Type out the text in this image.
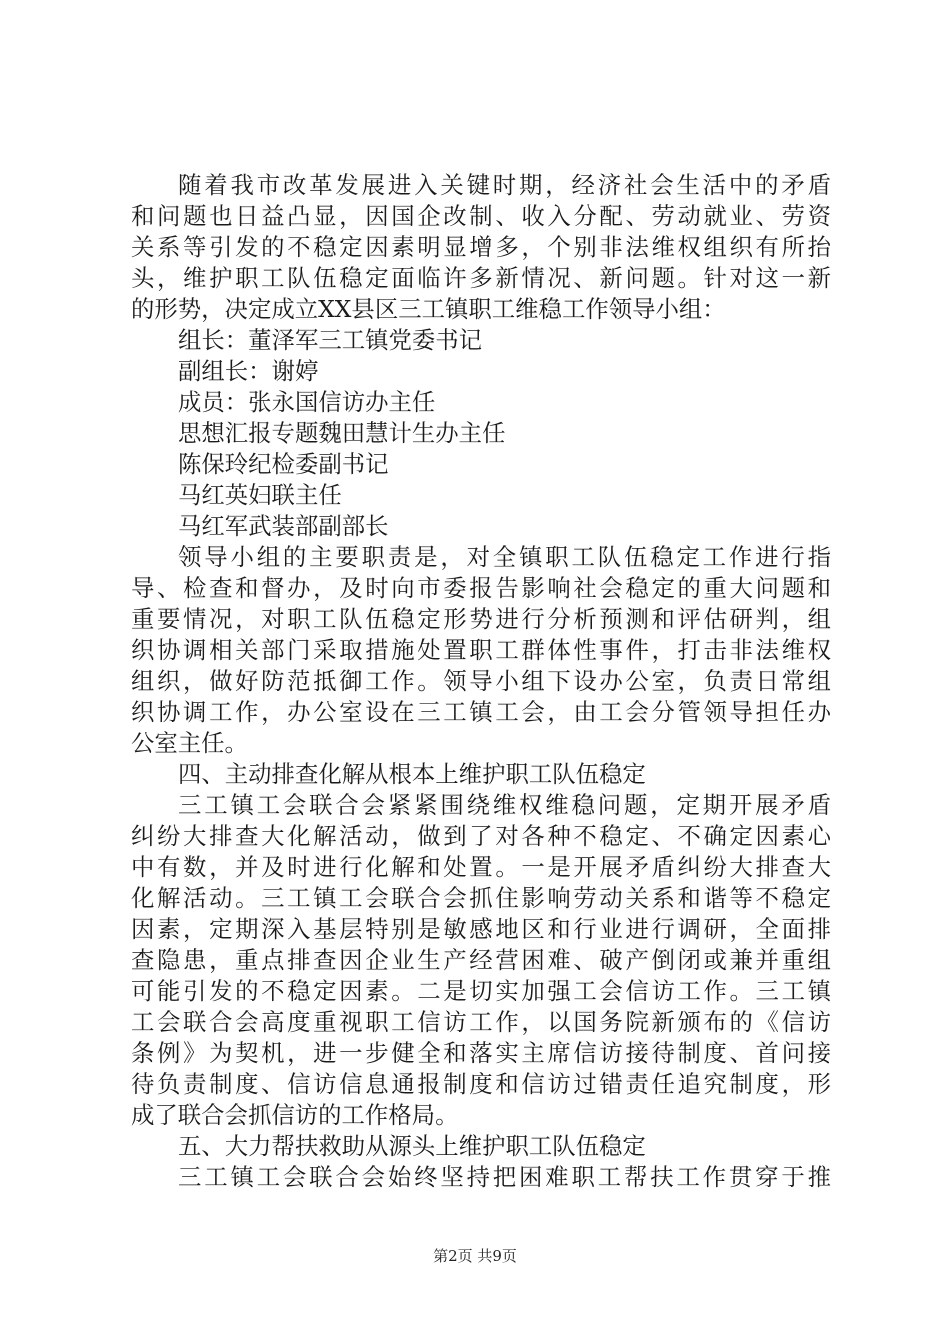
随着我市改革发展进入关键时期，经济社会生活中的矛盾
和问题也日益凸显，因国企改制、收入分配、劳动就业、劳资
关系等引发的不稳定因素明显增多，个别非法维权组织有所抬
头，维护职工队伍稳定面临许多新情况、新问题。针对这一新
的形势，决定成立XX县区三工镇职工维稳工作领导小组：
组长：董泽军三工镇党委书记
副组长：谢婷
成员：张永国信访办主任
思想汇报专题魏田慧计生办主任
陈保玲纪检委副书记
马红英妇联主任
马红军武装部副部长
领导小组的主要职责是，对全镇职工队伍稳定工作进行指
导、检查和督办，及时向市委报告影响社会稳定的重大问题和
重要情况，对职工队伍稳定形势进行分析预测和评估研判，组
织协调相关部门采取措施处置职工群体性事件，打击非法维权
组织，做好防范抵御工作。领导小组下设办公室，负责日常组
织协调工作，办公室设在三工镇工会，由工会分管领导担任办
公室主任。
四、主动排查化解从根本上维护职工队伍稳定
三工镇工会联合会紧紧围绕维权维稳问题，定期开展矛盾
纠纷大排查大化解活动，做到了对各种不稳定、不确定因素心
中有数，并及时进行化解和处置。一是开展矛盾纠纷大排查大
化解活动。三工镇工会联合会抓住影响劳动关系和谐等不稳定
因素，定期深入基层特别是敏感地区和行业进行调研，全面排
查隐患，重点排查因企业生产经营困难、破产倒闭或兼并重组
可能引发的不稳定因素。二是切实加强工会信访工作。三工镇
工会联合会高度重视职工信访工作，以国务院新颁布的《信访
条例》为契机，进一步健全和落实主席信访接待制度、首问接
待负责制度、信访信息通报制度和信访过错责任追究制度，形
成了联合会抓信访的工作格局。
五、大力帮扶救助从源头上维护职工队伍稳定
三工镇工会联合会始终坚持把困难职工帮扶工作贯穿于推
第2页 共9页
